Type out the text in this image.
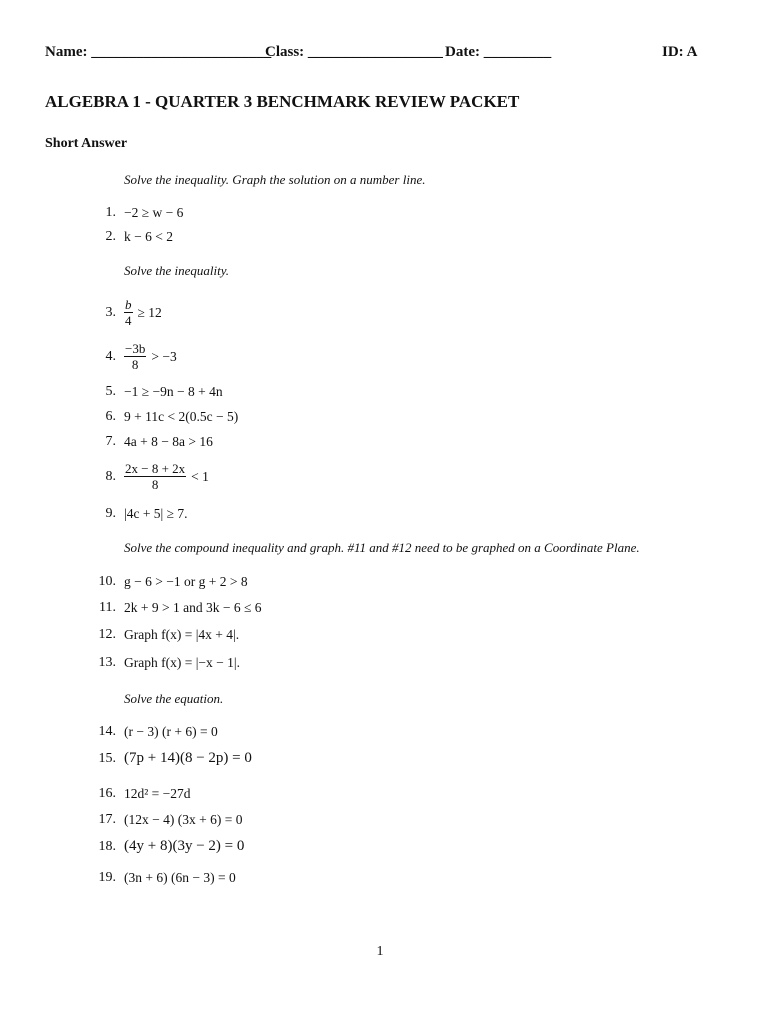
Name: ________________________
Class: __________________ Date: _________	ID: A
ALGEBRA 1 - QUARTER 3 BENCHMARK REVIEW PACKET
Short Answer
Solve the inequality. Graph the solution on a number line.
Solve the inequality.
Solve the compound inequality and graph. #11 and #12 need to be graphed on a Coordinate Plane.
Solve the equation.
1. −2 ≥ w − 6
2. k − 6 < 2
3. $\frac{b}{4} \ge 12$
4. $\frac{-3b}{8} > -3$
5. −1 ≥ −9n − 8 + 4n
6. 9 + 11c < 2(0.5c − 5)
7. 4a + 8 − 8a > 16
8. $\frac{2x - 8 + 2x}{8} < 1$
9. |4c + 5| ≥ 7.
10. g − 6 > −1 or g + 2 > 8
11. 2k + 9 > 1 and 3k − 6 ≤ 6
12. Graph f(x) = |4x + 4|.
13. Graph f(x) = |−x − 1|.
14. (r − 3) (r + 6) = 0
15. (7p + 14)(8 − 2p) = 0
16. 12d² = −27d
17. (12x − 4) (3x + 6) = 0
18. (4y + 8)(3y − 2) = 0
19. (3n + 6) (6n − 3) = 0
1
